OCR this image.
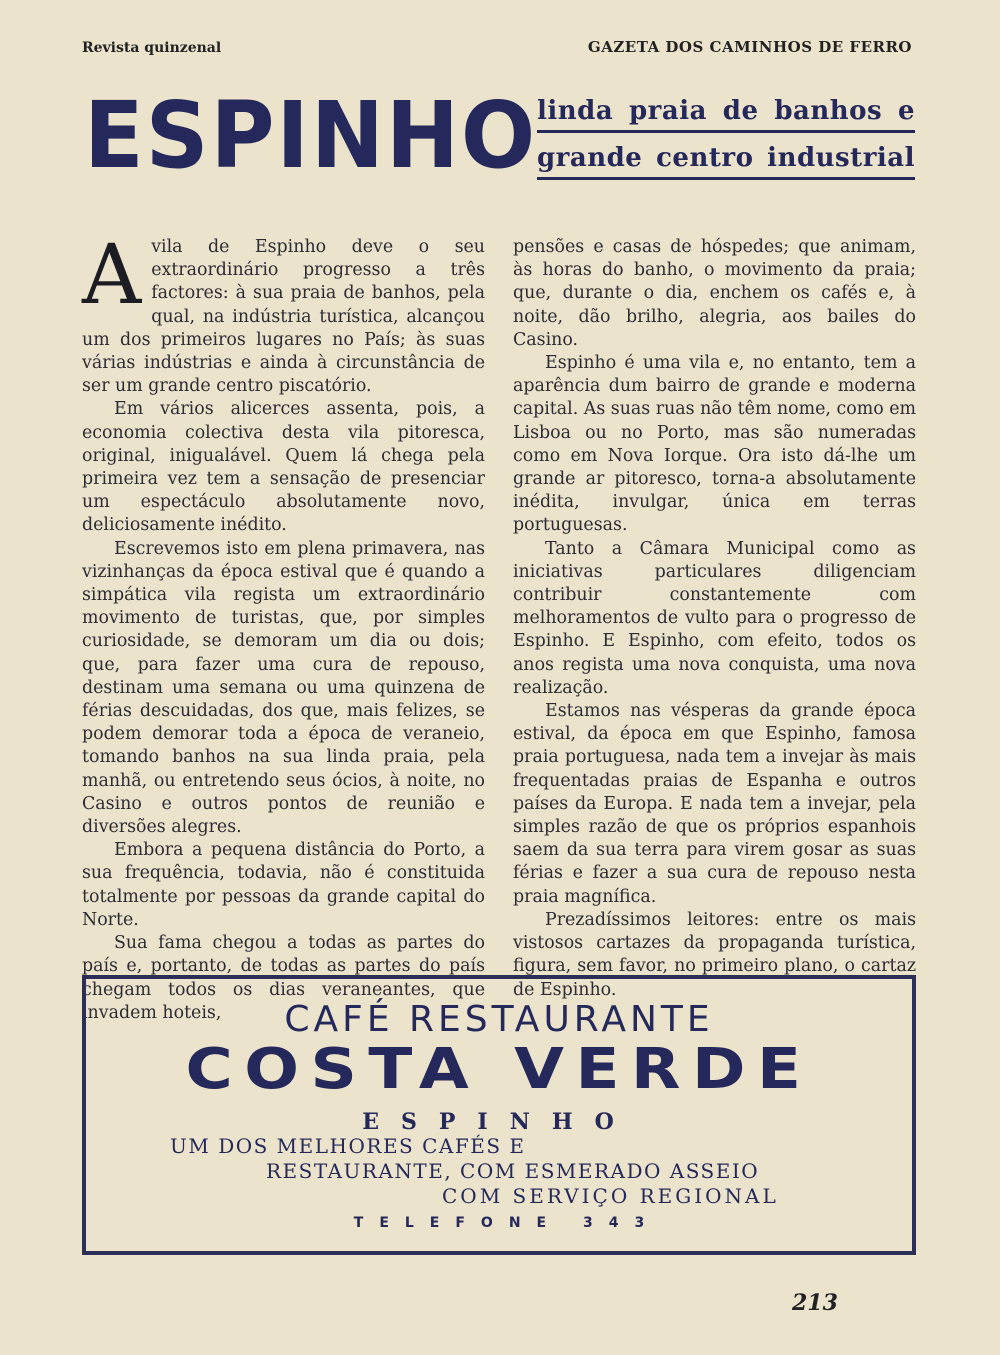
Revista quinzenal	GAZETA DOS CAMINHOS DE FERRO
ESPINHO linda praia de banhos e
grande centro industrial

Avila de Espinho deve o seu extraordinário progresso a três factores: à sua praia de banhos, pela qual, na indústria turística, alcançou um dos primeiros lugares no País; às suas várias indústrias e ainda à circunstância de ser um grande centro piscatório.

Em vários alicerces assenta, pois, a economia colectiva desta vila pitoresca, original, inigualável. Quem lá chega pela primeira vez tem a sensação de presenciar um espectáculo absolutamente novo, deliciosamente inédito.

Escrevemos isto em plena primavera, nas vizinhanças da época estival que é quando a simpática vila regista um extraordinário movimento de turistas, que, por simples curiosidade, se demoram um dia ou dois; que, para fazer uma cura de repouso, destinam uma semana ou uma quinzena de férias descuidadas, dos que, mais felizes, se podem demorar toda a época de veraneio, tomando banhos na sua linda praia, pela manhã, ou entretendo seus ócios, à noite, no Casino e outros pontos de reunião e diversões alegres.

Embora a pequena distância do Porto, a sua frequência, todavia, não é constituida totalmente por pessoas da grande capital do Norte.

Sua fama chegou a todas as partes do país e, portanto, de todas as partes do país chegam todos os dias veraneantes, que invadem hoteis,

pensões e casas de hóspedes; que animam, às horas do banho, o movimento da praia; que, durante o dia, enchem os cafés e, à noite, dão brilho, alegria, aos bailes do Casino.

Espinho é uma vila e, no entanto, tem a aparência dum bairro de grande e moderna capital. As suas ruas não têm nome, como em Lisboa ou no Porto, mas são numeradas como em Nova Iorque. Ora isto dá-lhe um grande ar pitoresco, torna-a absolutamente inédita, invulgar, única em terras portuguesas.

Tanto a Câmara Municipal como as iniciativas particulares diligenciam contribuir constantemente com melhoramentos de vulto para o progresso de Espinho. E Espinho, com efeito, todos os anos regista uma nova conquista, uma nova realização.

Estamos nas vésperas da grande época estival, da época em que Espinho, famosa praia portuguesa, nada tem a invejar às mais frequentadas praias de Espanha e outros países da Europa. E nada tem a invejar, pela simples razão de que os próprios espanhois saem da sua terra para virem gosar as suas férias e fazer a sua cura de repouso nesta praia magnífica.

Prezadíssimos leitores: entre os mais vistosos cartazes da propaganda turística, figura, sem favor, no primeiro plano, o cartaz de Espinho.

CAFÉ RESTAURANTE
COSTA VERDE
ESPINHO
UM DOS MELHORES CAFÉS E
RESTAURANTE, COM ESMERADO ASSEIO
COM SERVIÇO REGIONAL
TELEFONE 343
213
